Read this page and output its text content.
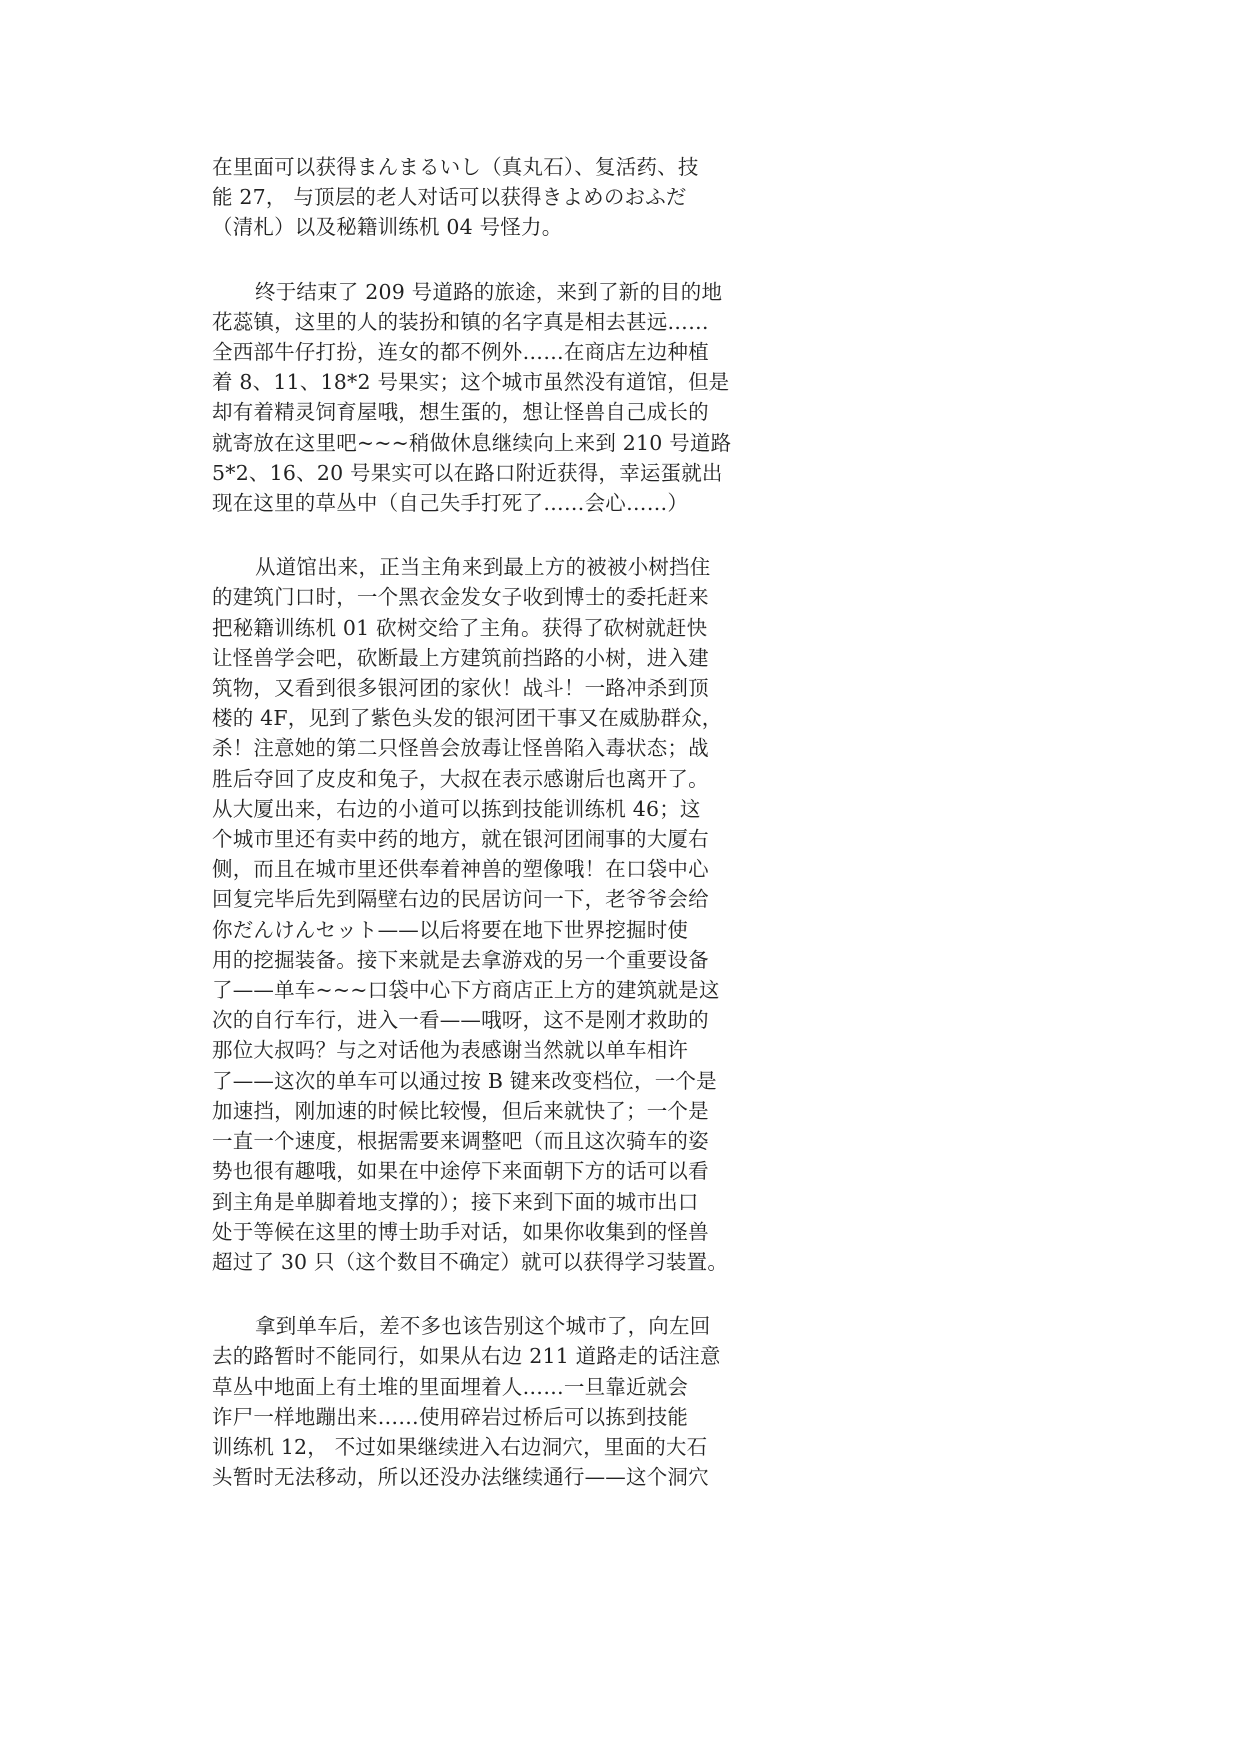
在里面可以获得まんまるいし（真丸石）、复活药、技
能 27， 与顶层的老人对话可以获得きよめのおふだ
（清札）以及秘籍训练机 04 号怪力。

终于结束了 209 号道路的旅途，来到了新的目的地
花蕊镇，这里的人的装扮和镇的名字真是相去甚远……
全西部牛仔打扮，连女的都不例外……在商店左边种植
着 8、11、18*2 号果实；这个城市虽然没有道馆，但是
却有着精灵饲育屋哦，想生蛋的，想让怪兽自己成长的
就寄放在这里吧~~~稍做休息继续向上来到 210 号道路
5*2、16、20 号果实可以在路口附近获得，幸运蛋就出
现在这里的草丛中（自己失手打死了……会心……）

从道馆出来，正当主角来到最上方的被被小树挡住
的建筑门口时，一个黑衣金发女子收到博士的委托赶来
把秘籍训练机 01 砍树交给了主角。获得了砍树就赶快
让怪兽学会吧，砍断最上方建筑前挡路的小树，进入建
筑物，又看到很多银河团的家伙！战斗！一路冲杀到顶
楼的 4F，见到了紫色头发的银河团干事又在威胁群众，
杀！注意她的第二只怪兽会放毒让怪兽陷入毒状态；战
胜后夺回了皮皮和兔子，大叔在表示感谢后也离开了。
从大厦出来，右边的小道可以拣到技能训练机 46；这
个城市里还有卖中药的地方，就在银河团闹事的大厦右
侧，而且在城市里还供奉着神兽的塑像哦！在口袋中心
回复完毕后先到隔壁右边的民居访问一下，老爷爷会给
你だんけんセット——以后将要在地下世界挖掘时使
用的挖掘装备。接下来就是去拿游戏的另一个重要设备
了——单车~~~口袋中心下方商店正上方的建筑就是这
次的自行车行，进入一看——哦呀，这不是刚才救助的
那位大叔吗？与之对话他为表感谢当然就以单车相许
了——这次的单车可以通过按 B 键来改变档位，一个是
加速挡，刚加速的时候比较慢，但后来就快了；一个是
一直一个速度，根据需要来调整吧（而且这次骑车的姿
势也很有趣哦，如果在中途停下来面朝下方的话可以看
到主角是单脚着地支撑的）；接下来到下面的城市出口
处于等候在这里的博士助手对话，如果你收集到的怪兽
超过了 30 只（这个数目不确定）就可以获得学习装置。

拿到单车后，差不多也该告别这个城市了，向左回
去的路暂时不能同行，如果从右边 211 道路走的话注意
草丛中地面上有土堆的里面埋着人……一旦靠近就会
诈尸一样地蹦出来……使用碎岩过桥后可以拣到技能
训练机 12， 不过如果继续进入右边洞穴，里面的大石
头暂时无法移动，所以还没办法继续通行——这个洞穴
